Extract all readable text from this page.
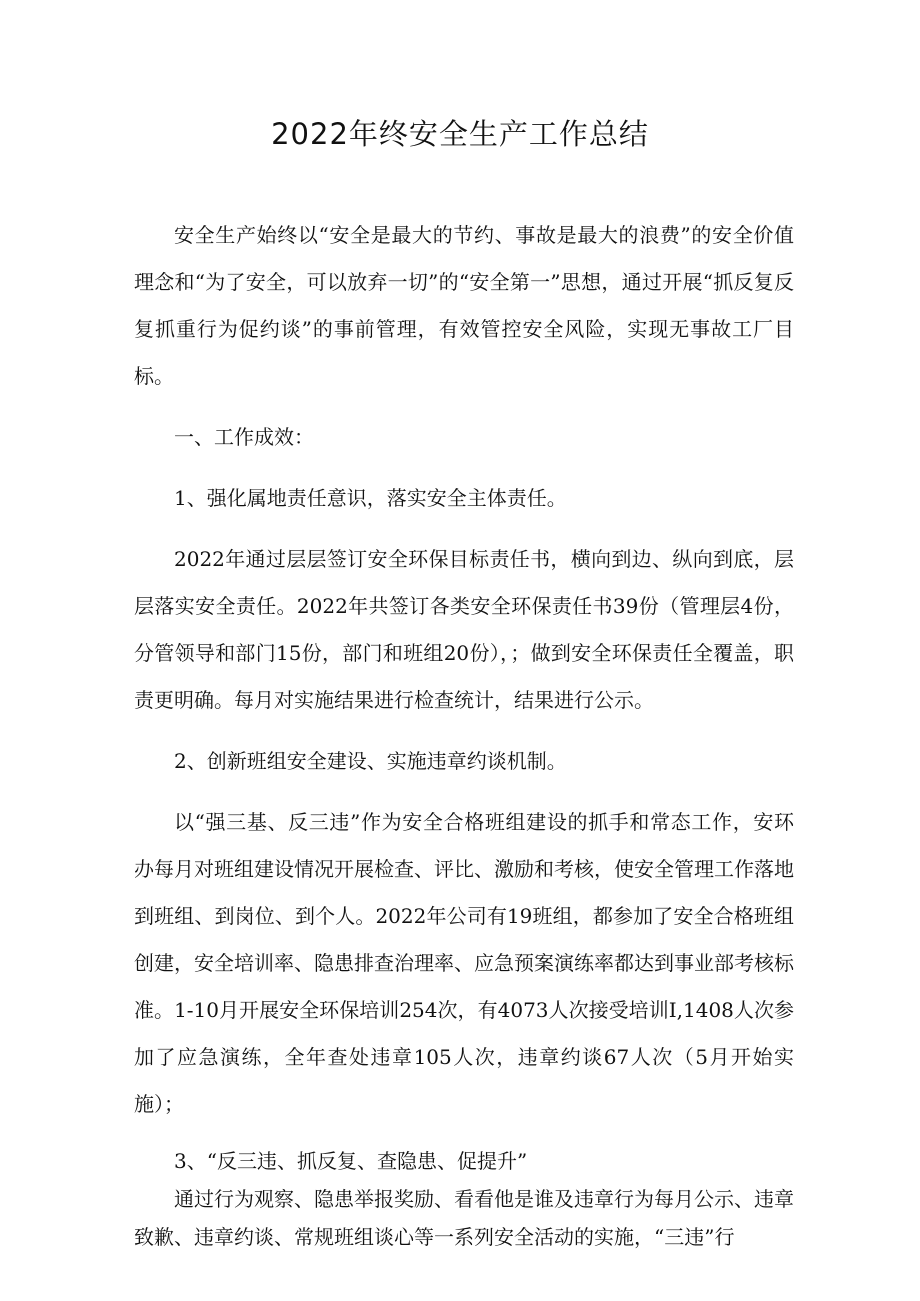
2022年终安全生产工作总结

安全生产始终以“安全是最大的节约、事故是最大的浪费”的安全价值理念和“为了安全，可以放弃一切”的“安全第一”思想，通过开展“抓反复反复抓重行为促约谈”的事前管理，有效管控安全风险，实现无事故工厂目标。

一、工作成效：

1、强化属地责任意识，落实安全主体责任。

2022年通过层层签订安全环保目标责任书，横向到边、纵向到底，层层落实安全责任。2022年共签订各类安全环保责任书39份（管理层4份，分管领导和部门15份，部门和班组20份），；做到安全环保责任全覆盖，职责更明确。每月对实施结果进行检查统计，结果进行公示。

2、创新班组安全建设、实施违章约谈机制。

以“强三基、反三违”作为安全合格班组建设的抓手和常态工作，安环办每月对班组建设情况开展检查、评比、激励和考核，使安全管理工作落地到班组、到岗位、到个人。2022年公司有19班组，都参加了安全合格班组创建，安全培训率、隐患排查治理率、应急预案演练率都达到事业部考核标准。1-10月开展安全环保培训254次，有4073人次接受培训I,1408人次参加了应急演练，全年查处违章105人次，违章约谈67人次（5月开始实施）；

3、“反三违、抓反复、查隐患、促提升”

通过行为观察、隐患举报奖励、看看他是谁及违章行为每月公示、违章致歉、违章约谈、常规班组谈心等一系列安全活动的实施，“三违”行
